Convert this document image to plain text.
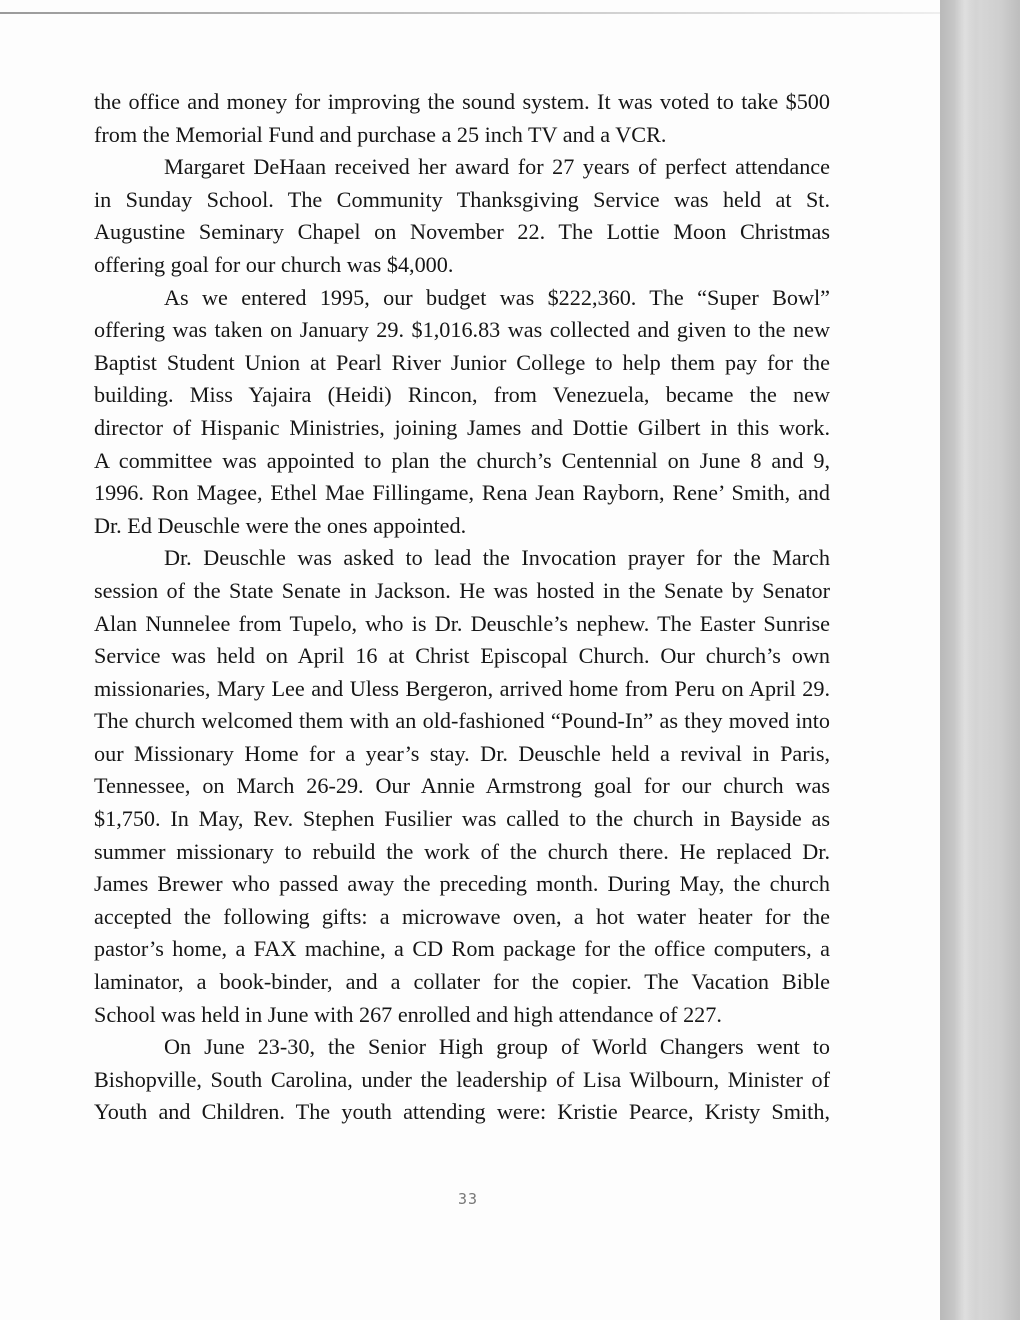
the office and money for improving the sound system. It was voted to take $500
from the Memorial Fund and purchase a 25 inch TV and a VCR.
Margaret DeHaan received her award for 27 years of perfect attendance
in Sunday School. The Community Thanksgiving Service was held at St.
Augustine Seminary Chapel on November 22. The Lottie Moon Christmas
offering goal for our church was $4,000.
As we entered 1995, our budget was $222,360. The “Super Bowl”
offering was taken on January 29. $1,016.83 was collected and given to the new
Baptist Student Union at Pearl River Junior College to help them pay for the
building. Miss Yajaira (Heidi) Rincon, from Venezuela, became the new
director of Hispanic Ministries, joining James and Dottie Gilbert in this work.
A committee was appointed to plan the church’s Centennial on June 8 and 9,
1996. Ron Magee, Ethel Mae Fillingame, Rena Jean Rayborn, Rene’ Smith, and
Dr. Ed Deuschle were the ones appointed.
Dr. Deuschle was asked to lead the Invocation prayer for the March
session of the State Senate in Jackson. He was hosted in the Senate by Senator
Alan Nunnelee from Tupelo, who is Dr. Deuschle’s nephew. The Easter Sunrise
Service was held on April 16 at Christ Episcopal Church. Our church’s own
missionaries, Mary Lee and Uless Bergeron, arrived home from Peru on April 29.
The church welcomed them with an old-fashioned “Pound-In” as they moved into
our Missionary Home for a year’s stay. Dr. Deuschle held a revival in Paris,
Tennessee, on March 26-29. Our Annie Armstrong goal for our church was
$1,750. In May, Rev. Stephen Fusilier was called to the church in Bayside as
summer missionary to rebuild the work of the church there. He replaced Dr.
James Brewer who passed away the preceding month. During May, the church
accepted the following gifts: a microwave oven, a hot water heater for the
pastor’s home, a FAX machine, a CD Rom package for the office computers, a
laminator, a book-binder, and a collater for the copier. The Vacation Bible
School was held in June with 267 enrolled and high attendance of 227.
On June 23-30, the Senior High group of World Changers went to
Bishopville, South Carolina, under the leadership of Lisa Wilbourn, Minister of
Youth and Children. The youth attending were: Kristie Pearce, Kristy Smith,
33
